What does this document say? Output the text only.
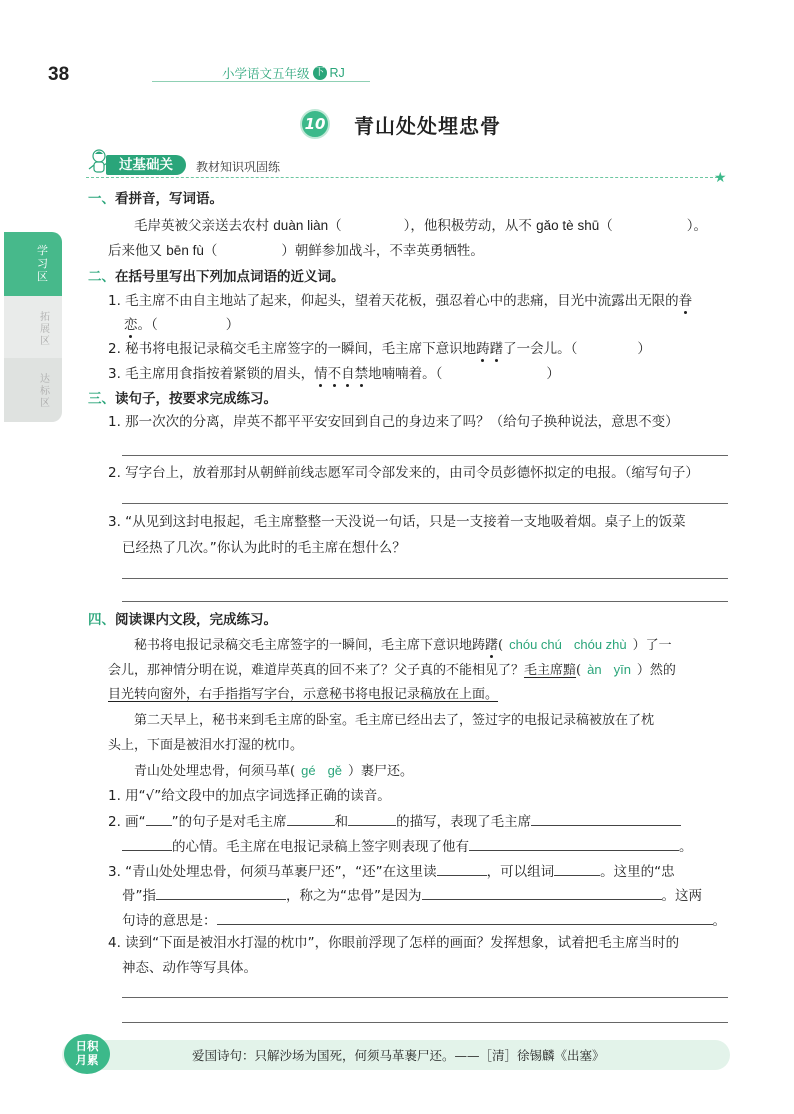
38	小学语文五年级 下 RJ
10 青山处处埋忠骨
过基础关	教材知识巩固练
★
学习区
拓展区
达标区
一、看拼音，写词语。
毛岸英被父亲送去农村 duàn liàn（	），他积极劳动，从不 gǎo tè shū（	）。
后来他又 bēn fù（	）朝鲜参加战斗，不幸英勇牺牲。
二、在括号里写出下列加点词语的近义词。
1. 毛主席不由自主地站了起来，仰起头，望着天花板，强忍着心中的悲痛，目光中流露出无限的眷
恋。（	）
2. 秘书将电报记录稿交毛主席签字的一瞬间，毛主席下意识地踌躇了一会儿。（	）
3. 毛主席用食指按着紧锁的眉头，情不自禁地喃喃着。（	）
三、读句子，按要求完成练习。
1. 那一次次的分离，岸英不都平平安安回到自己的身边来了吗？（给句子换种说法，意思不变）
2. 写字台上，放着那封从朝鲜前线志愿军司令部发来的，由司令员彭德怀拟定的电报。（缩写句子）
3. “从见到这封电报起，毛主席整整一天没说一句话，只是一支接着一支地吸着烟。桌子上的饭菜
已经热了几次。”你认为此时的毛主席在想什么？
四、阅读课内文段，完成练习。
秘书将电报记录稿交毛主席签字的一瞬间，毛主席下意识地踌躇( chóu chú chóu zhù ）了一
会儿，那神情分明在说，难道岸英真的回不来了？父子真的不能相见了？毛主席黯( àn yīn ）然的
目光转向窗外，右手指指写字台，示意秘书将电报记录稿放在上面。
第二天早上，秘书来到毛主席的卧室。毛主席已经出去了，签过字的电报记录稿被放在了枕
头上，下面是被泪水打湿的枕巾。
青山处处埋忠骨，何须马革( gé gě ）裹尸还。
1. 用“√”给文段中的加点字词选择正确的读音。
2. 画“ ”的句子是对毛主席	和	的描写，表现了毛主席
的心情。毛主席在电报记录稿上签字则表现了他有	。
3. “青山处处埋忠骨，何须马革裹尸还”，“还”在这里读	，可以组词	。这里的“忠
骨”指	，称之为“忠骨”是因为	。这两
句诗的意思是：	。
4. 读到“下面是被泪水打湿的枕巾”，你眼前浮现了怎样的画面？发挥想象，试着把毛主席当时的
神态、动作等写具体。
日积月累	爱国诗句：只解沙场为国死，何须马革裹尸还。——［清］徐锡麟《出塞》
